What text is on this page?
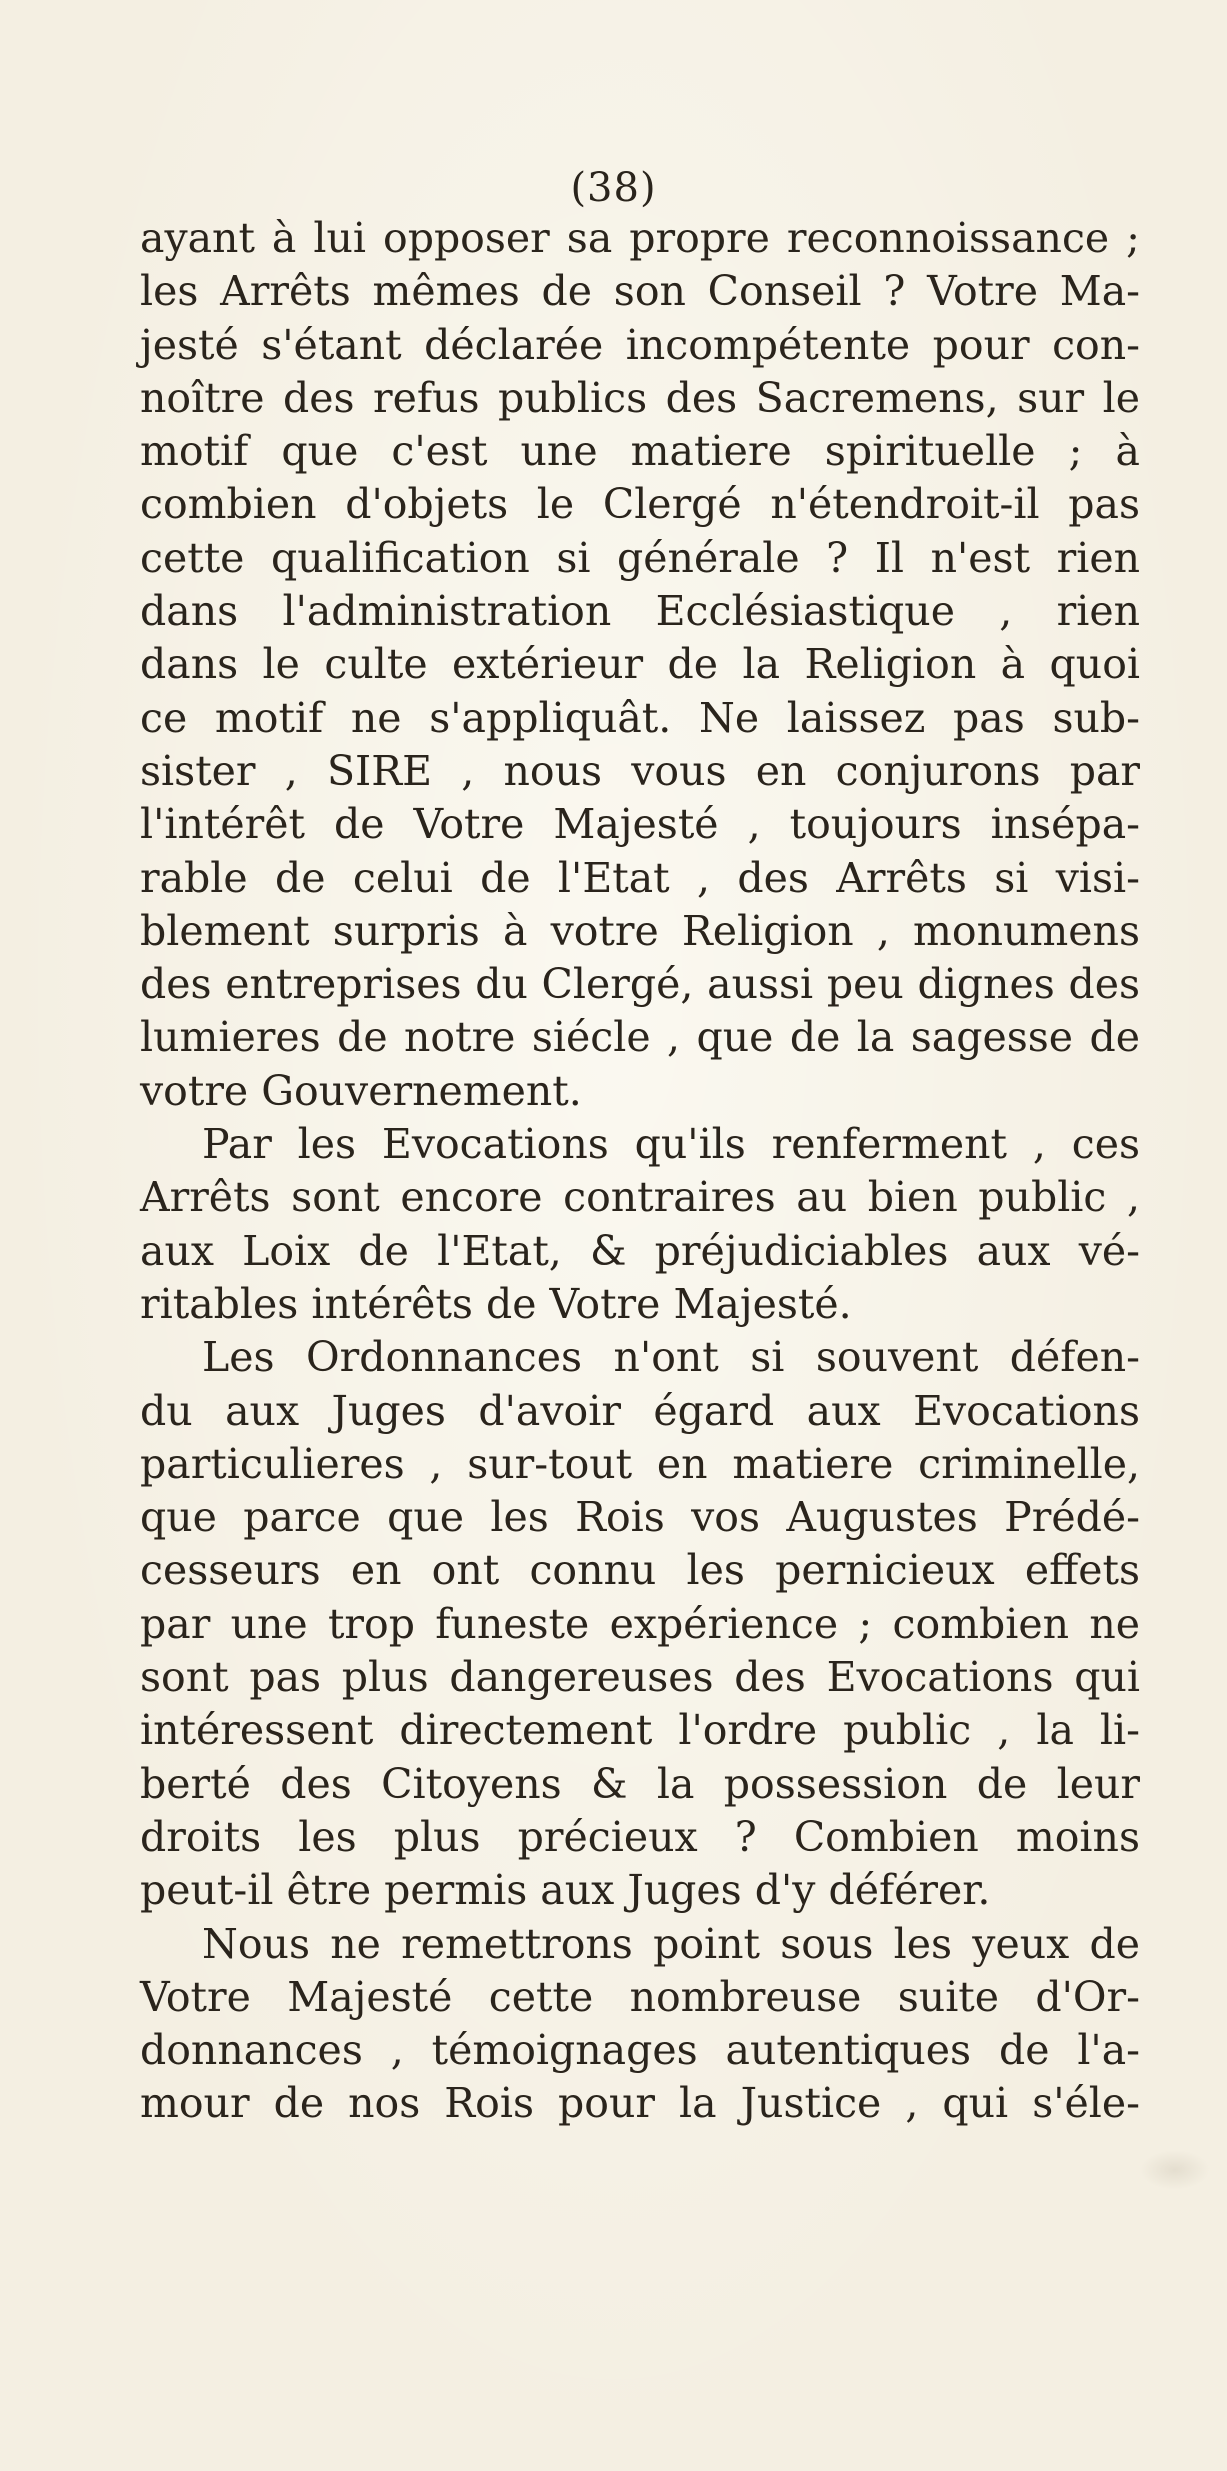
(38)
ayant à lui opposer sa propre reconnoissance ;
les Arrêts mêmes de son Conseil ? Votre Ma-
jesté s'étant déclarée incompétente pour con-
noître des refus publics des Sacremens, sur le
motif que c'est une matiere spirituelle ; à
combien d'objets le Clergé n'étendroit-il pas
cette qualification si générale ? Il n'est rien
dans l'administration Ecclésiastique , rien
dans le culte extérieur de la Religion à quoi
ce motif ne s'appliquât. Ne laissez pas sub-
sister , SIRE , nous vous en conjurons par
l'intérêt de Votre Majesté , toujours insépa-
rable de celui de l'Etat , des Arrêts si visi-
blement surpris à votre Religion , monumens
des entreprises du Clergé, aussi peu dignes des
lumieres de notre siécle , que de la sagesse de
votre Gouvernement.
Par les Evocations qu'ils renferment , ces
Arrêts sont encore contraires au bien public ,
aux Loix de l'Etat, & préjudiciables aux vé-
ritables intérêts de Votre Majesté.
Les Ordonnances n'ont si souvent défen-
du aux Juges d'avoir égard aux Evocations
particulieres , sur-tout en matiere criminelle,
que parce que les Rois vos Augustes Prédé-
cesseurs en ont connu les pernicieux effets
par une trop funeste expérience ; combien ne
sont pas plus dangereuses des Evocations qui
intéressent directement l'ordre public , la li-
berté des Citoyens & la possession de leur
droits les plus précieux ? Combien moins
peut-il être permis aux Juges d'y déférer.
Nous ne remettrons point sous les yeux de
Votre Majesté cette nombreuse suite d'Or-
donnances , témoignages autentiques de l'a-
mour de nos Rois pour la Justice , qui s'éle-
